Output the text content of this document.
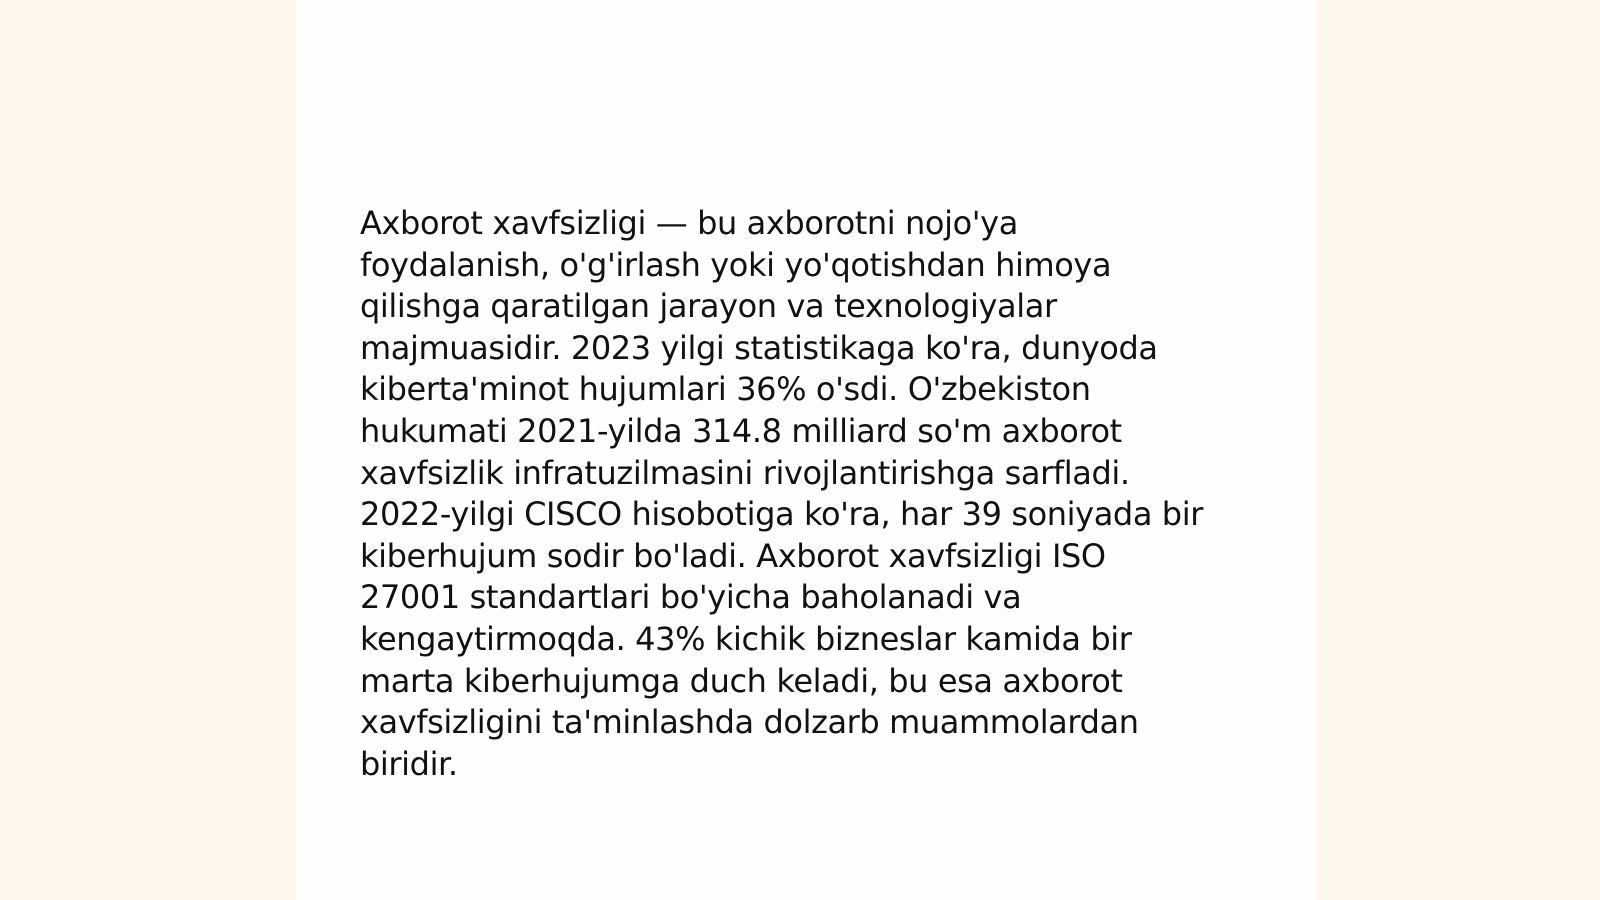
Axborot xavfsizligi — bu axborotni nojo'ya
foydalanish, o'g'irlash yoki yo'qotishdan himoya
qilishga qaratilgan jarayon va texnologiyalar
majmuasidir. 2023 yilgi statistikaga ko'ra, dunyoda
kiberta'minot hujumlari 36% o'sdi. O'zbekiston
hukumati 2021-yilda 314.8 milliard so'm axborot
xavfsizlik infratuzilmasini rivojlantirishga sarfladi.
2022-yilgi CISCO hisobotiga ko'ra, har 39 soniyada bir
kiberhujum sodir bo'ladi. Axborot xavfsizligi ISO
27001 standartlari bo'yicha baholanadi va
kengaytirmoqda. 43% kichik bizneslar kamida bir
marta kiberhujumga duch keladi, bu esa axborot
xavfsizligini ta'minlashda dolzarb muammolardan
biridir.
